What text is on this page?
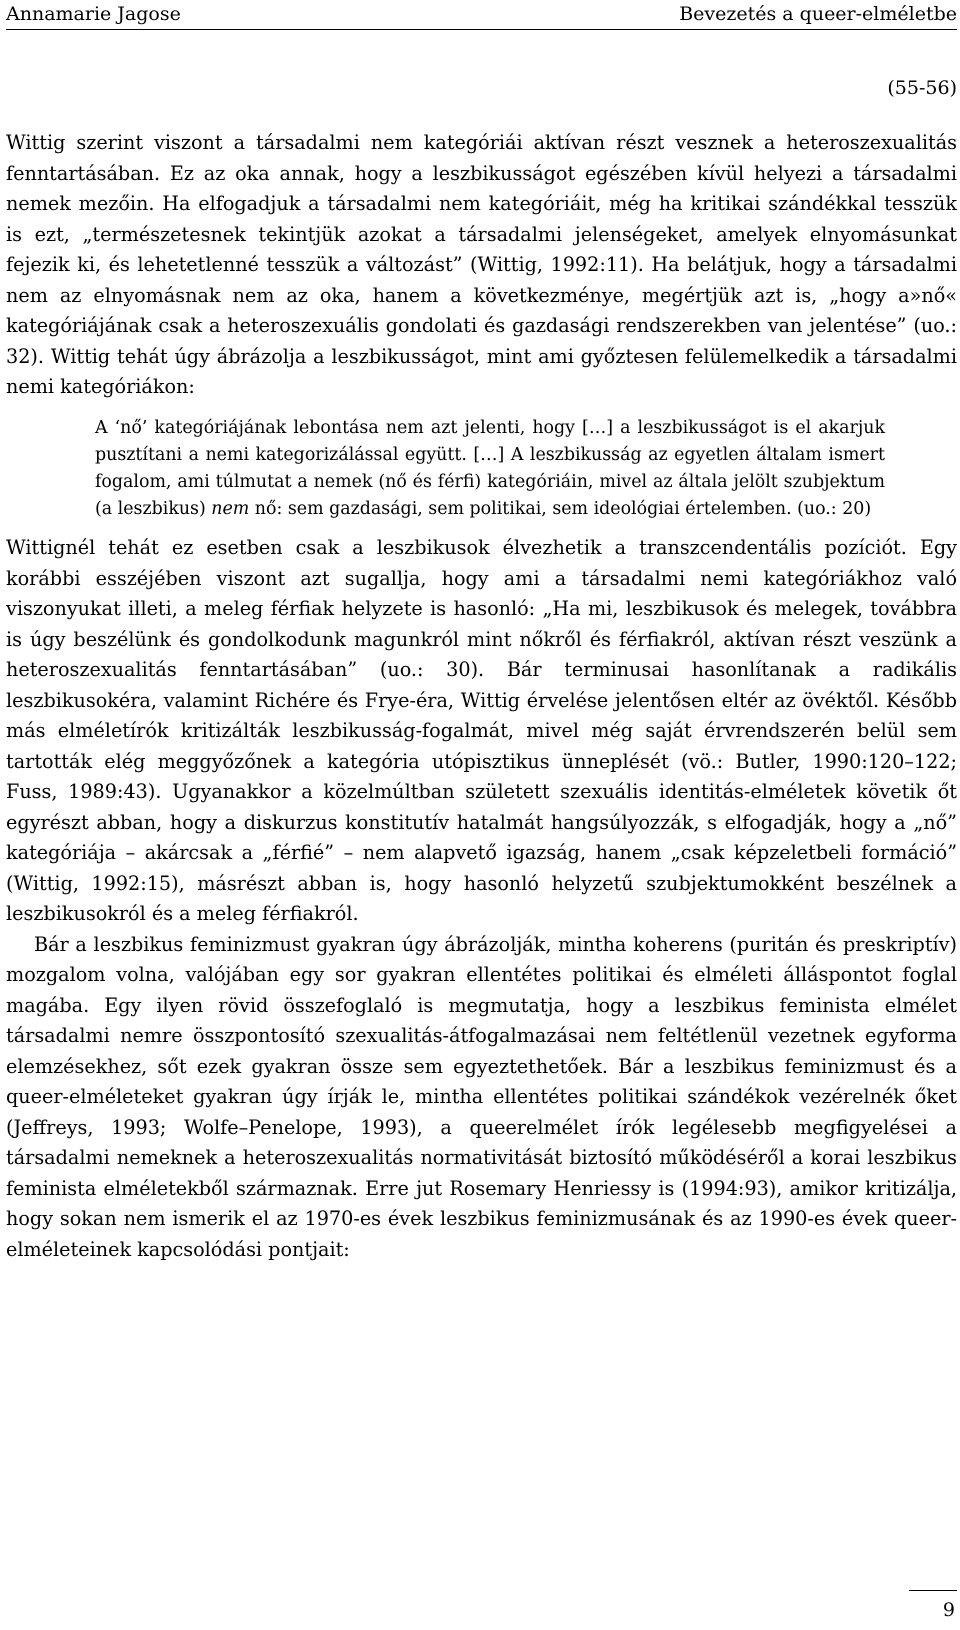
Annamarie Jagose	Bevezetés a queer-elméletbe
(55-56)

Wittig szerint viszont a társadalmi nem kategóriái aktívan részt vesznek a heteroszexualitás fenntartásában. Ez az oka annak, hogy a leszbikusságot egészében kívül helyezi a társadalmi nemek mezőin. Ha elfogadjuk a társadalmi nem kategóriáit, még ha kritikai szándékkal tesszük is ezt, „természetesnek tekintjük azokat a társadalmi jelenségeket, amelyek elnyomásunkat fejezik ki, és lehetetlenné tesszük a változást” (Wittig, 1992:11). Ha belátjuk, hogy a társadalmi nem az elnyomásnak nem az oka, hanem a következménye, megértjük azt is, „hogy a»nő« kategóriájának csak a heteroszexuális gondolati és gazdasági rendszerekben van jelentése” (uo.: 32). Wittig tehát úgy ábrázolja a leszbikusságot, mint ami győztesen felülemelkedik a társadalmi nemi kategóriákon:

A ‘nő’ kategóriájának lebontása nem azt jelenti, hogy […] a leszbikusságot is el akarjuk pusztítani a nemi kategorizálással együtt. […] A leszbikusság az egyetlen általam ismert fogalom, ami túlmutat a nemek (nő és férfi) kategóriáin, mivel az általa jelölt szubjektum (a leszbikus) nem nő: sem gazdasági, sem politikai, sem ideológiai értelemben. (uo.: 20)

Wittignél tehát ez esetben csak a leszbikusok élvezhetik a transzcendentális pozíciót. Egy korábbi esszéjében viszont azt sugallja, hogy ami a társadalmi nemi kategóriákhoz való viszonyukat illeti, a meleg férfiak helyzete is hasonló: „Ha mi, leszbikusok és melegek, továbbra is úgy beszélünk és gondolkodunk magunkról mint nőkről és férfiakról, aktívan részt veszünk a heteroszexualitás fenntartásában” (uo.: 30). Bár terminusai hasonlítanak a radikális leszbikusokéra, valamint Richére és Frye-éra, Wittig érvelése jelentősen eltér az övéktől. Később más elméletírók kritizálták leszbikusság-fogalmát, mivel még saját érvrendszerén belül sem tartották elég meggyőzőnek a kategória utópisztikus ünneplését (vö.: Butler, 1990:120–122; Fuss, 1989:43). Ugyanakkor a közelmúltban született szexuális identitás-elméletek követik őt egyrészt abban, hogy a diskurzus konstitutív hatalmát hangsúlyozzák, s elfogadják, hogy a „nő” kategóriája – akárcsak a „férfié” – nem alapvető igazság, hanem „csak képzeletbeli formáció” (Wittig, 1992:15), másrészt abban is, hogy hasonló helyzetű szubjektumokként beszélnek a leszbikusokról és a meleg férfiakról.

Bár a leszbikus feminizmust gyakran úgy ábrázolják, mintha koherens (puritán és preskriptív) mozgalom volna, valójában egy sor gyakran ellentétes politikai és elméleti álláspontot foglal magába. Egy ilyen rövid összefoglaló is megmutatja, hogy a leszbikus feminista elmélet társadalmi nemre összpontosító szexualitás-átfogalmazásai nem feltétlenül vezetnek egyforma elemzésekhez, sőt ezek gyakran össze sem egyeztethetőek. Bár a leszbikus feminizmust és a queer-elméleteket gyakran úgy írják le, mintha ellentétes politikai szándékok vezérelnék őket (Jeffreys, 1993; Wolfe–Penelope, 1993), a queerelmélet írók legélesebb megfigyelései a társadalmi nemeknek a heteroszexualitás normativitását biztosító működéséről a korai leszbikus feminista elméletekből származnak. Erre jut Rosemary Henriessy is (1994:93), amikor kritizálja, hogy sokan nem ismerik el az 1970-es évek leszbikus feminizmusának és az 1990-es évek queer-elméleteinek kapcsolódási pontjait:

9
